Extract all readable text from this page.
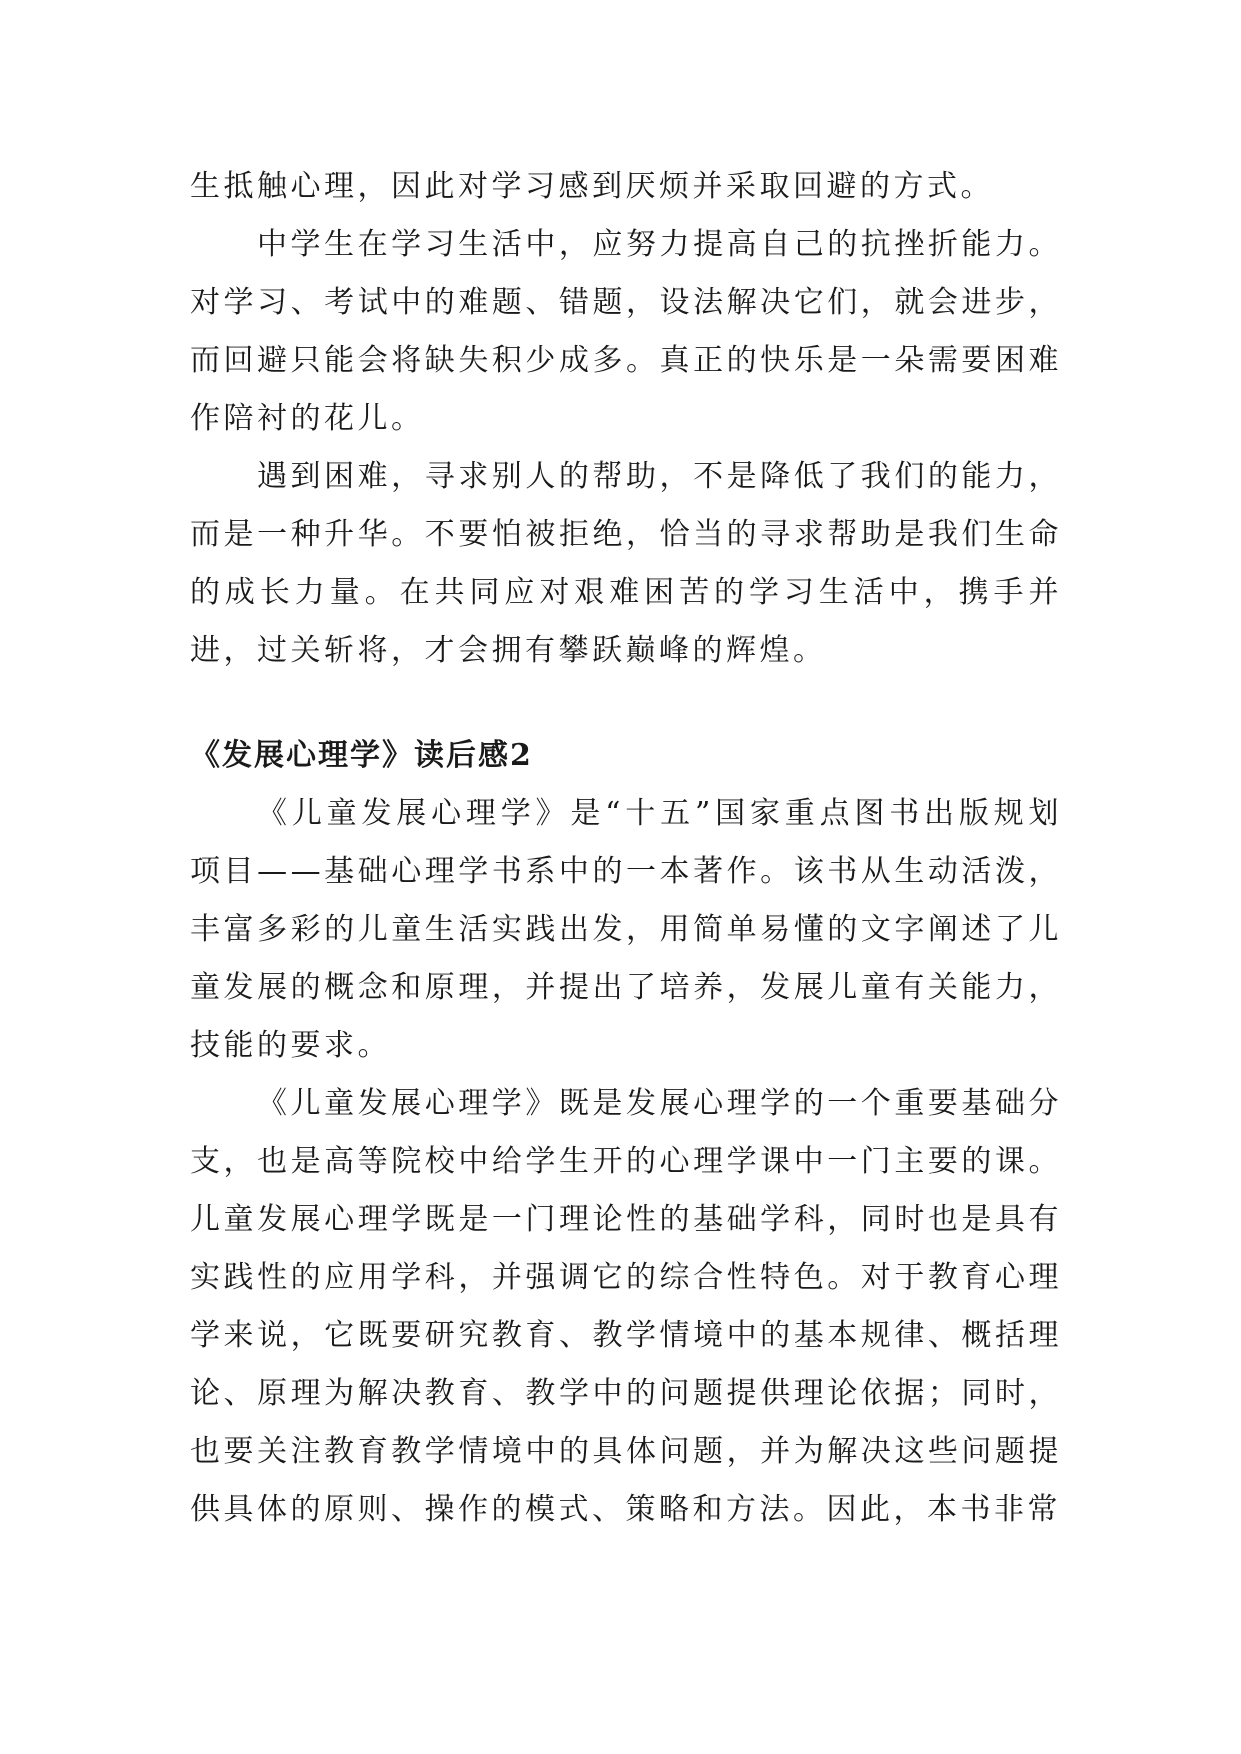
生抵触心理，因此对学习感到厌烦并采取回避的方式。

中学生在学习生活中，应努力提高自己的抗挫折能力。对学习、考试中的难题、错题，设法解决它们，就会进步，而回避只能会将缺失积少成多。真正的快乐是一朵需要困难作陪衬的花儿。

遇到困难，寻求别人的帮助，不是降低了我们的能力，而是一种升华。不要怕被拒绝，恰当的寻求帮助是我们生命的成长力量。在共同应对艰难困苦的学习生活中，携手并进，过关斩将，才会拥有攀跃巅峰的辉煌。

《发展心理学》读后感2

《儿童发展心理学》是“十五”国家重点图书出版规划项目——基础心理学书系中的一本著作。该书从生动活泼，丰富多彩的儿童生活实践出发，用简单易懂的文字阐述了儿童发展的概念和原理，并提出了培养，发展儿童有关能力，技能的要求。

《儿童发展心理学》既是发展心理学的一个重要基础分支，也是高等院校中给学生开的心理学课中一门主要的课。儿童发展心理学既是一门理论性的基础学科，同时也是具有实践性的应用学科，并强调它的综合性特色。对于教育心理学来说，它既要研究教育、教学情境中的基本规律、概括理论、原理为解决教育、教学中的问题提供理论依据；同时，也要关注教育教学情境中的具体问题，并为解决这些问题提供具体的原则、操作的模式、策略和方法。因此，本书非常
